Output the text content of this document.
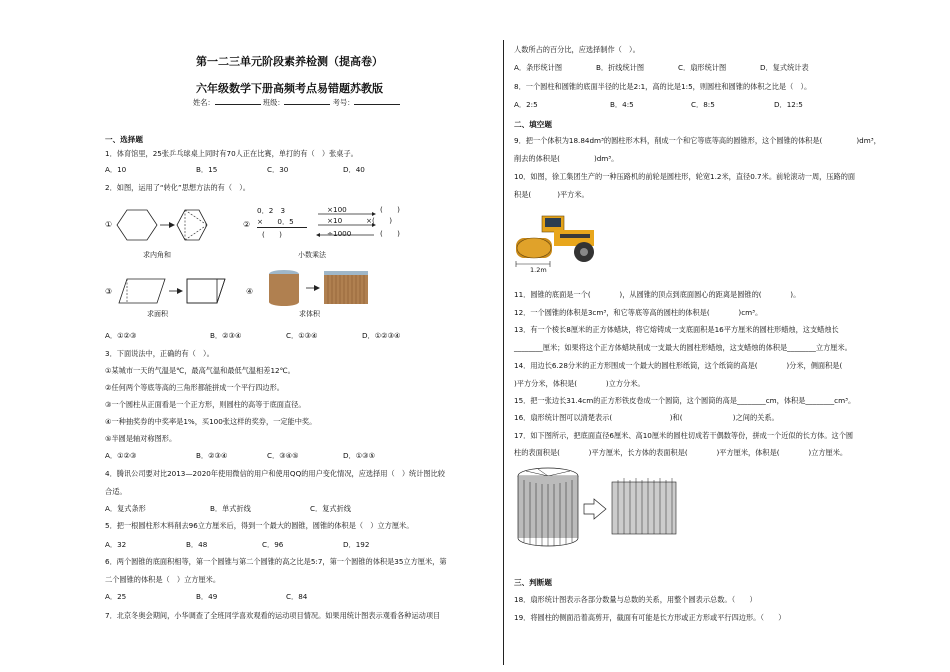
第一二三单元阶段素养检测（提高卷）
六年级数学下册高频考点易错题苏教版
姓名：	班级：	考号：
一、选择题
1．体育馆里，25张乒乓球桌上同时有70人正在比赛，单打的有（　）张桌子。
A．10	B．15	C．30	D．40
2．如图，运用了“转化”思想方法的有（　）。
①
求内角和
②
0．2　3
×　　0．5
(　　)
×100
×10
÷1000
(　　)
×(　　)
(　　)
小数乘法
③
求面积
④
求体积
A．①②③	B．②③④	C．①③④	D．①②③④
3．下面说法中，正确的有（　）。
①某城市一天的气温是℃，最高气温和最低气温相差12℃。
②任何两个等底等高的三角形都能拼成一个平行四边形。
③一个圆柱从正面看是一个正方形，则圆柱的高等于底面直径。
④一种抽奖券的中奖率是1%，买100张这样的奖券，一定能中奖。
⑤半圆是轴对称图形。
A．①②③	B．②③④	C．③④⑤	D．①③⑤
4．腾讯公司要对比2013—2020年使用微信的用户和使用QQ的用户变化情况，应选择用（　）统计图比较
合适。
A．复式条形	B．单式折线	C．复式折线
5．把一根圆柱形木料削去96立方厘米后，得到一个最大的圆锥，圆锥的体积是（　）立方厘米。
A．32	B．48	C．96	D．192
6．两个圆锥的底面积相等，第一个圆锥与第二个圆锥的高之比是5:7，第一个圆锥的体积是35立方厘米，第
二个圆锥的体积是（　）立方厘米。
A．25	B．49	C．84
7．北京冬奥会期间，小华调查了全班同学喜欢观看的运动项目情况。如果用统计图表示观看各种运动项目
人数所占的百分比，应选择制作（　）。
A．条形统计图	B．折线统计图	C．扇形统计图	D．复式统计表
8．一个圆柱和圆锥的底面半径的比是2:1，高的比是1:5，则圆柱和圆锥的体积之比是（　）。
A．2:5	B．4:5	C．8:5	D．12:5
二、填空题
9．把一个体积为18.84dm³的圆柱形木料，削成一个和它等底等高的圆锥形，这个圆锥的体积是(	)dm³，
削去的体积是(	)dm³。
10．如图，徐工集团生产的一种压路机的前轮是圆柱形，轮宽1.2米，直径0.7米。前轮滚动一周，压路的面
积是(	)平方米。
1.2m
11．圆锥的底面是一个(　　　　)，从圆锥的顶点到底面圆心的距离是圆锥的(　　　　)。
12．一个圆锥的体积是3cm³，和它等底等高的圆柱的体积是(　　　　)cm³。
13．有一个棱长8厘米的正方体蜡块，将它熔铸成一支底面积是16平方厘米的圆柱形蜡烛，这支蜡烛长
________厘米；如果将这个正方体蜡块削成一支最大的圆柱形蜡烛，这支蜡烛的体积是________立方厘米。
14．用边长6.28分米的正方形围成一个最大的圆柱形纸筒，这个纸筒的高是(　　　　)分米，侧面积是(
)平方分米，体积是(　　　　)立方分米。
15．把一张边长31.4cm的正方形铁皮卷成一个圆筒，这个圆筒的高是________cm，体积是________cm³。
16．扇形统计图可以清楚表示(　　　　　　　　)和(　　　　　　　)之间的关系。
17．如下图所示，把底面直径6厘米、高10厘米的圆柱切成若干偶数等份，拼成一个近似的长方体。这个圆
柱的表面积是(　　　　)平方厘米，长方体的表面积是(　　　　)平方厘米，体积是(　　　　)立方厘米。
三、判断题
18．扇形统计图表示各部分数量与总数的关系，用整个圆表示总数。（　　）
19．将圆柱的侧面沿着高剪开，截面有可能是长方形或正方形或平行四边形。（　　）
